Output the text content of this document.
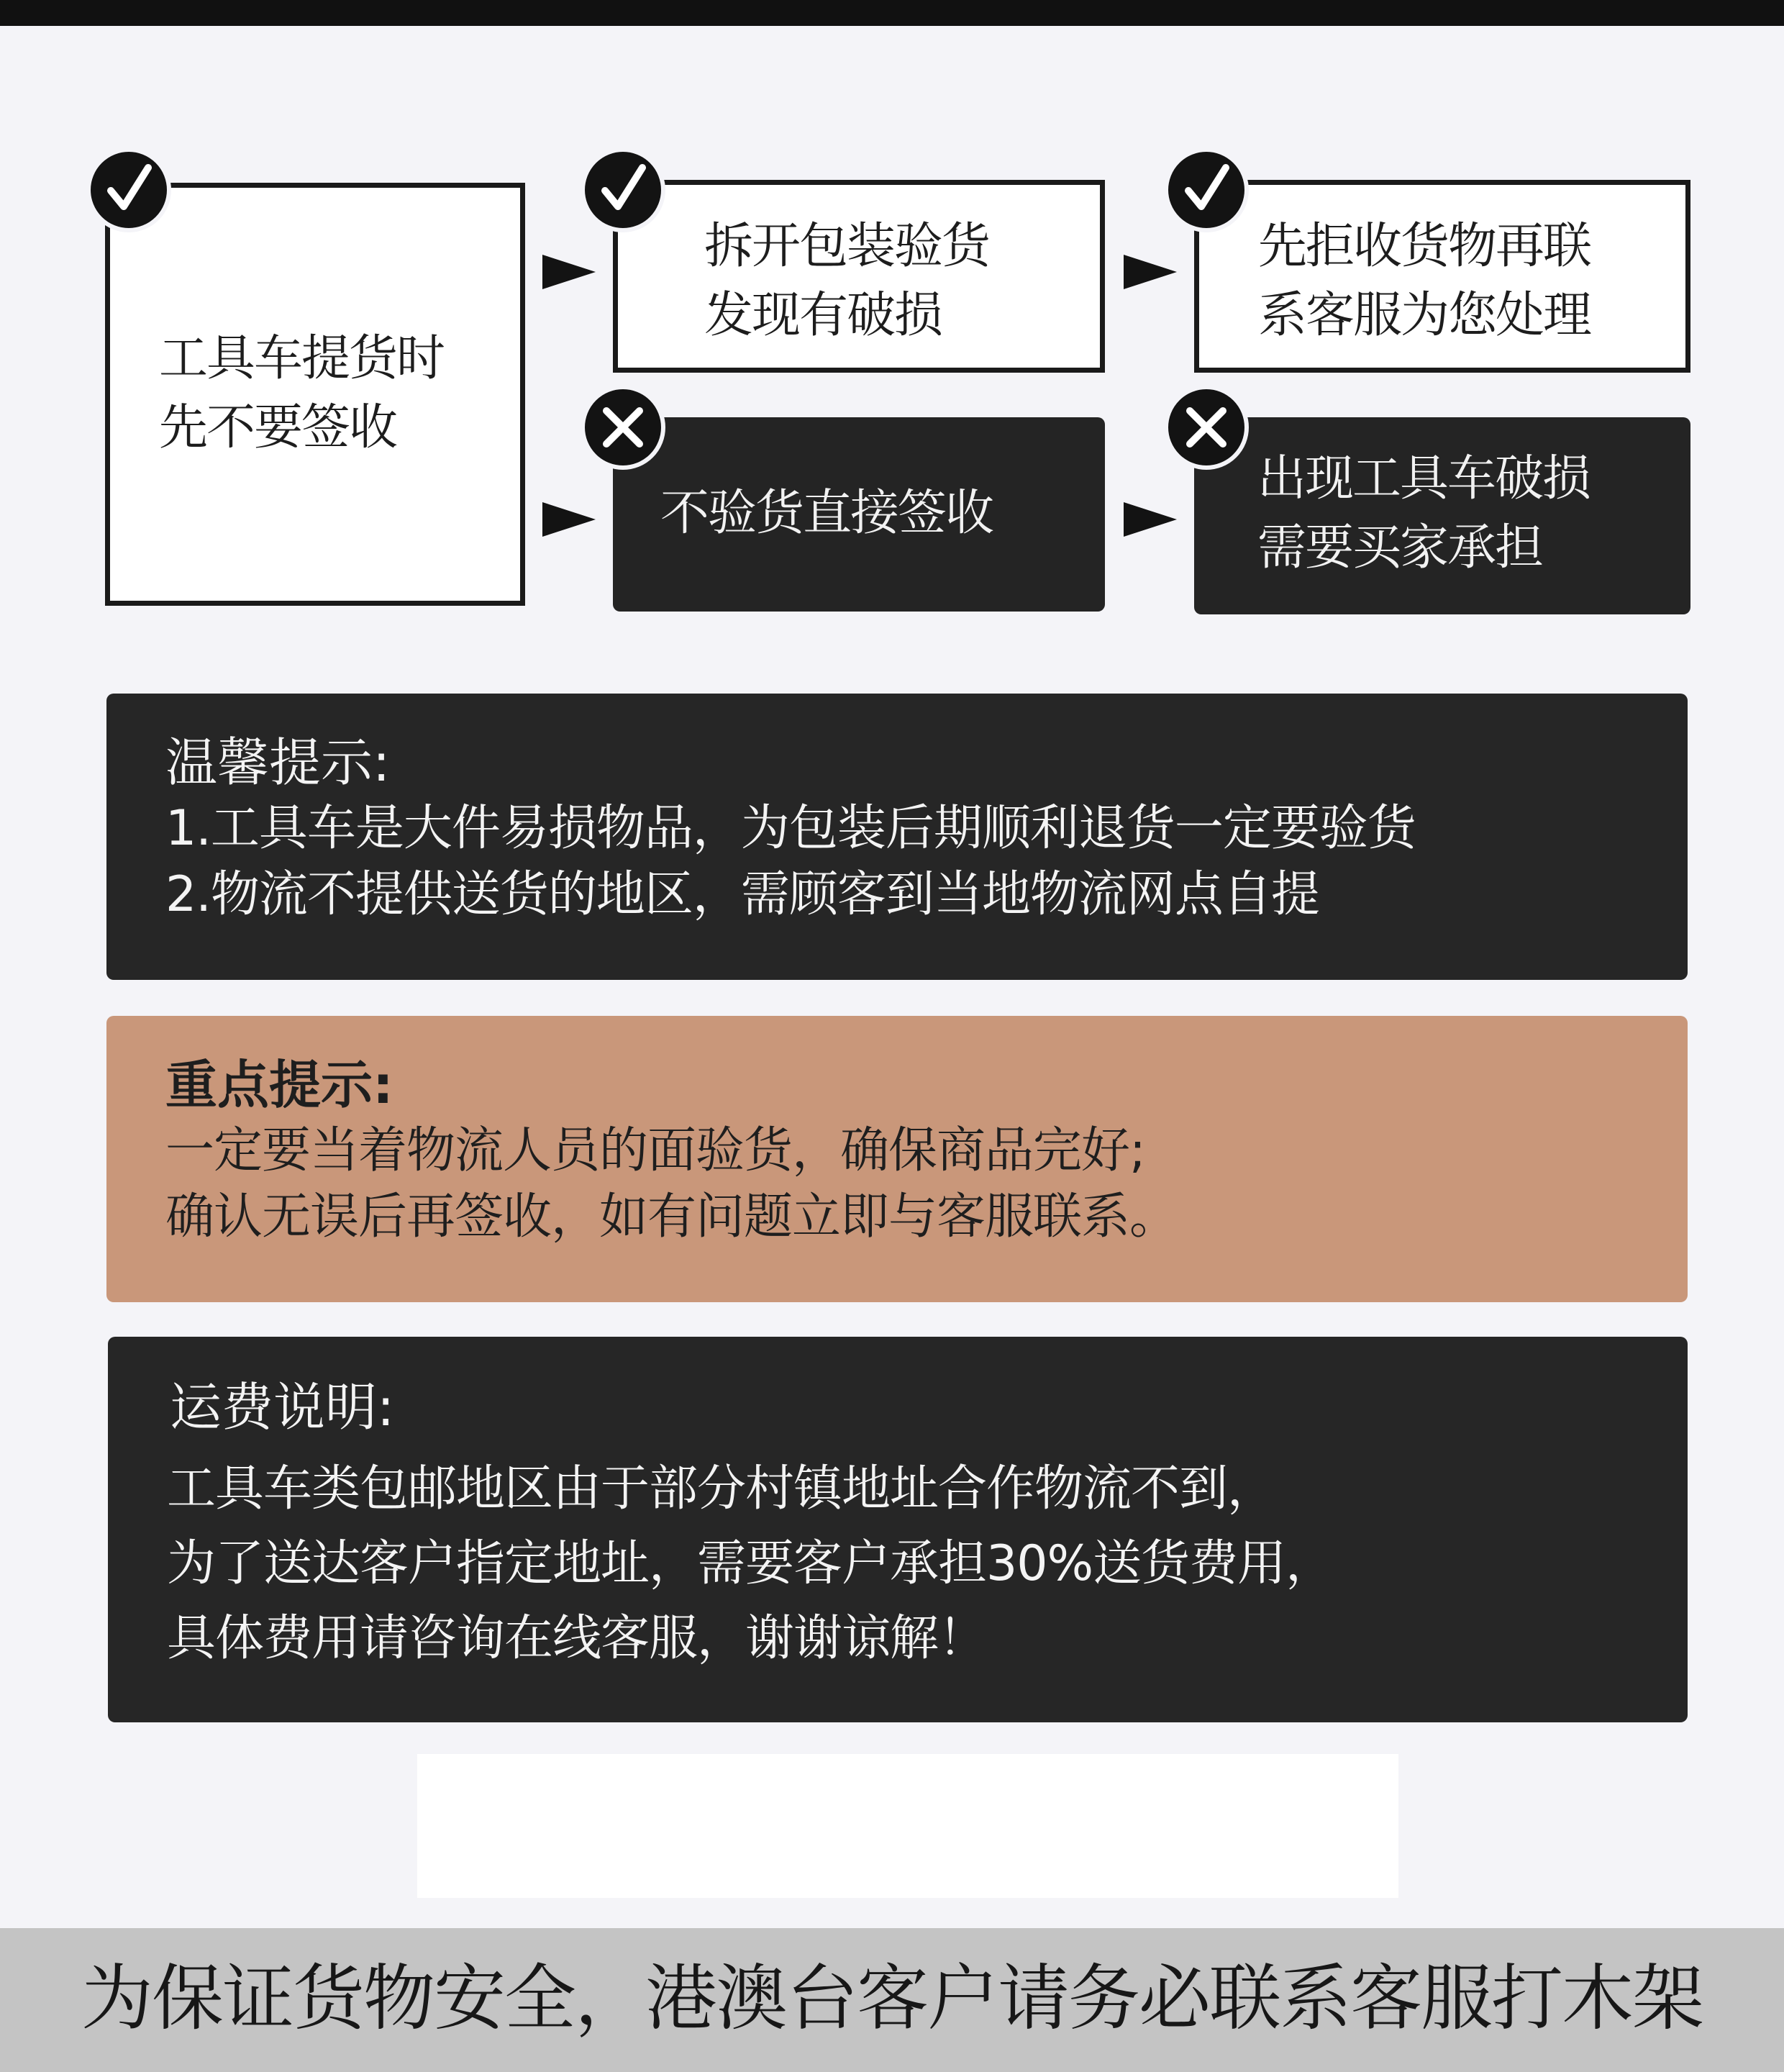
工具车提货时
先不要签收
拆开包装验货
发现有破损
不验货直接签收
先拒收货物再联
系客服为您处理
出现工具车破损
需要买家承担
温馨提示:
1.工具车是大件易损物品，为包装后期顺利退货一定要验货
2.物流不提供送货的地区，需顾客到当地物流网点自提
重点提示:
一定要当着物流人员的面验货，确保商品完好;
确认无误后再签收，如有问题立即与客服联系。
运费说明:
工具车类包邮地区由于部分村镇地址合作物流不到，
为了送达客户指定地址，需要客户承担30%送货费用，
具体费用请咨询在线客服，谢谢谅解！
为保证货物安全，港澳台客户请务必联系客服打木架
